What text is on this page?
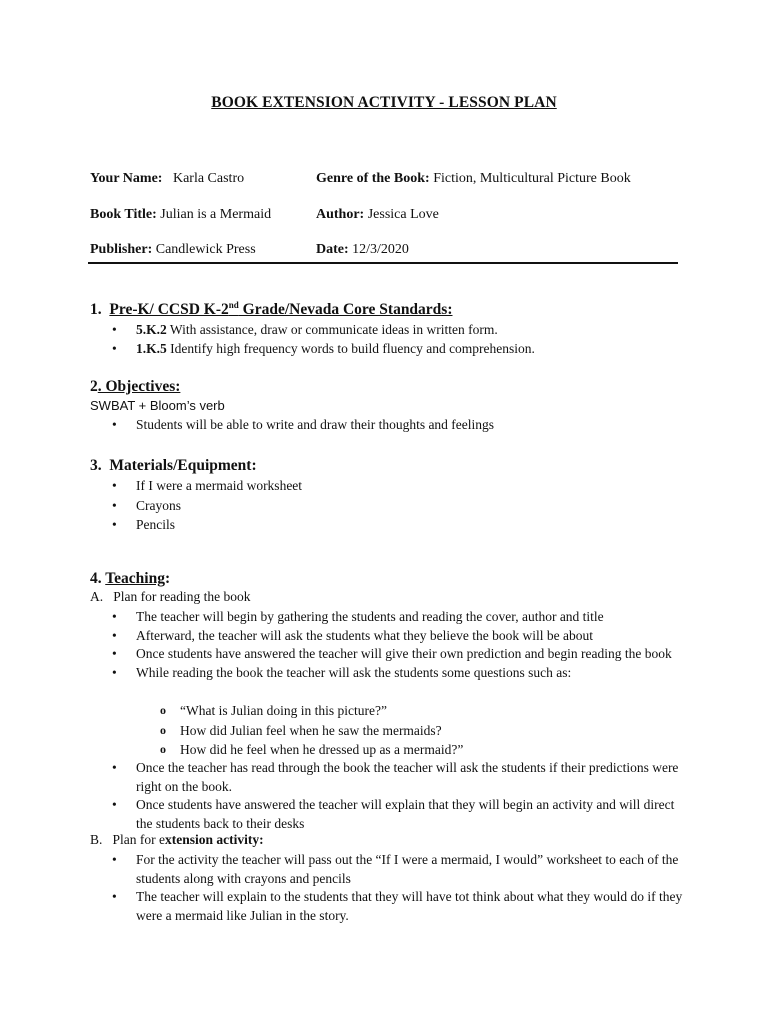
BOOK EXTENSION ACTIVITY - LESSON PLAN
Your Name: Karla Castro	Genre of the Book: Fiction, Multicultural Picture Book
Book Title: Julian is a Mermaid	Author: Jessica Love
Publisher: Candlewick Press	Date: 12/3/2020
1. Pre-K/ CCSD K-2nd Grade/Nevada Core Standards:
• 5.K.2 With assistance, draw or communicate ideas in written form.
• 1.K.5 Identify high frequency words to build fluency and comprehension.
2. Objectives:
SWBAT + Bloom’s verb
• Students will be able to write and draw their thoughts and feelings
3. Materials/Equipment:
• If I were a mermaid worksheet
• Crayons
• Pencils
4. Teaching:
A. Plan for reading the book
• The teacher will begin by gathering the students and reading the cover, author and title
• Afterward, the teacher will ask the students what they believe the book will be about
• Once students have answered the teacher will give their own prediction and begin reading the book
• While reading the book the teacher will ask the students some questions such as:
o “What is Julian doing in this picture?”
o How did Julian feel when he saw the mermaids?
o How did he feel when he dressed up as a mermaid?”
• Once the teacher has read through the book the teacher will ask the students if their predictions were right on the book.
• Once students have answered the teacher will explain that they will begin an activity and will direct the students back to their desks
B. Plan for extension activity:
• For the activity the teacher will pass out the “If I were a mermaid, I would” worksheet to each of the students along with crayons and pencils
• The teacher will explain to the students that they will have tot think about what they would do if they were a mermaid like Julian in the story.
